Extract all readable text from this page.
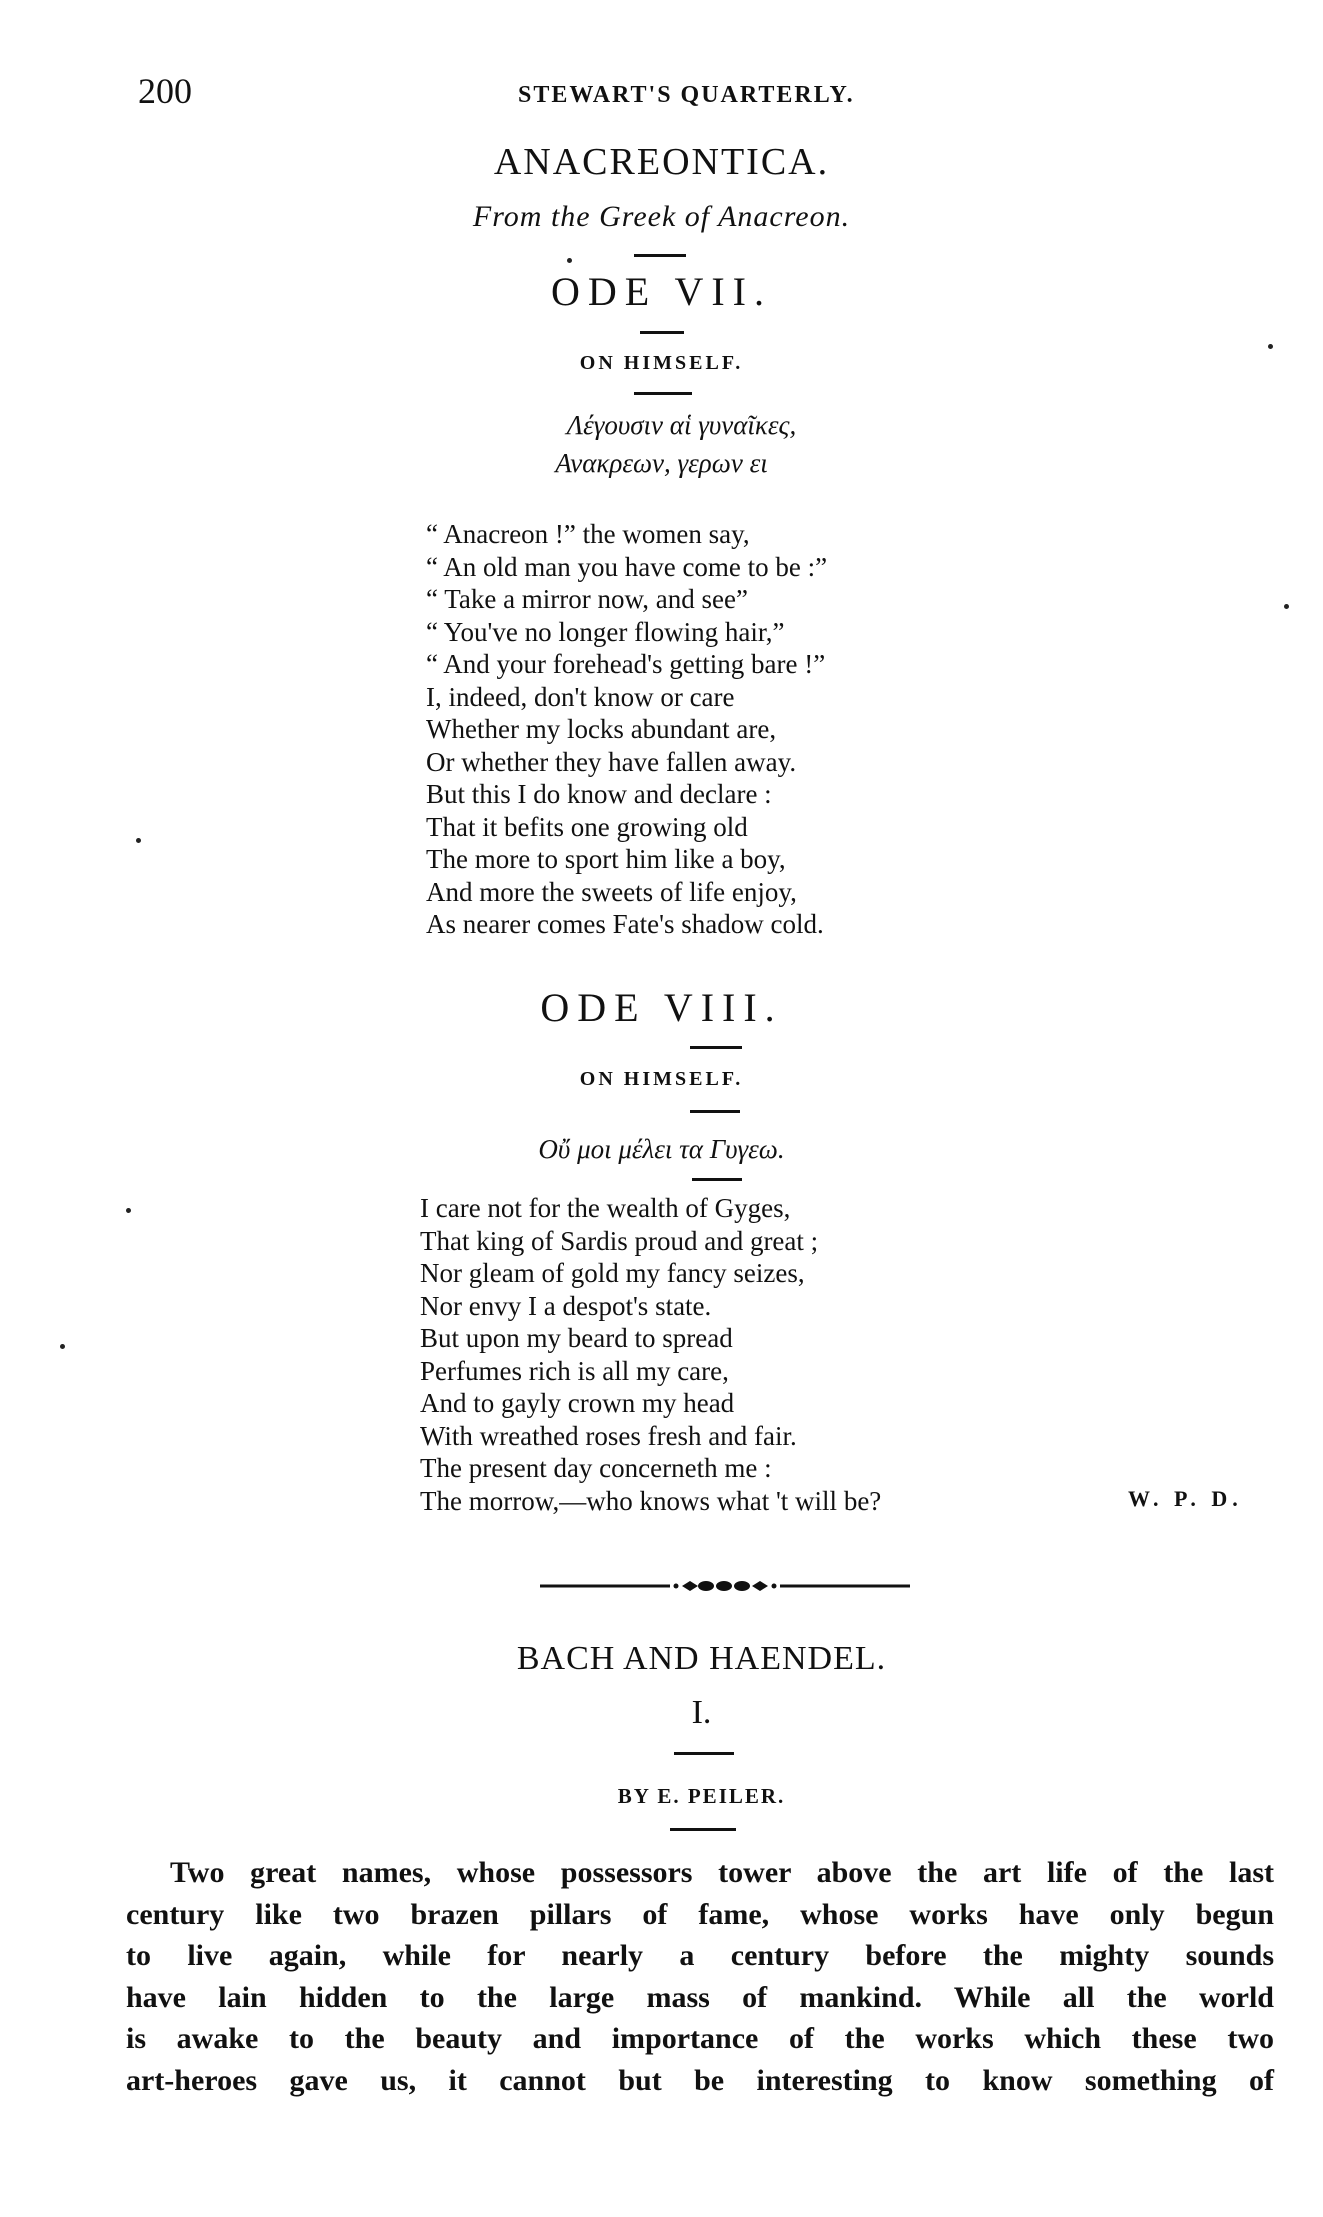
200	STEWART'S QUARTERLY.
ANACREONTICA.
From the Greek of Anacreon.
ODE VII.
ON HIMSELF.
Λέγουσιν αἱ γυναῖκες,
Ανακρεων, γερων ει
“ Anacreon !” the women say,
“ An old man you have come to be :”
“ Take a mirror now, and see”
“ You've no longer flowing hair,”
“ And your forehead's getting bare !”
I, indeed, don't know or care
Whether my locks abundant are,
Or whether they have fallen away.
But this I do know and declare :
That it befits one growing old
The more to sport him like a boy,
And more the sweets of life enjoy,
As nearer comes Fate's shadow cold.
ODE VIII.
ON HIMSELF.
Οὔ μοι μέλει τα Γυγεω.
I care not for the wealth of Gyges,
That king of Sardis proud and great ;
Nor gleam of gold my fancy seizes,
Nor envy I a despot's state.
But upon my beard to spread
Perfumes rich is all my care,
And to gayly crown my head
With wreathed roses fresh and fair.
The present day concerneth me :
The morrow,—who knows what 't will be?	W. P. D.
BACH AND HAENDEL.
I.
BY E. PEILER.
Two great names, whose possessors tower above the art life of the last
century like two brazen pillars of fame, whose works have only begun
to live again, while for nearly a century before the mighty sounds
have lain hidden to the large mass of mankind. While all the world
is awake to the beauty and importance of the works which these two
art-heroes gave us, it cannot but be interesting to know something of
